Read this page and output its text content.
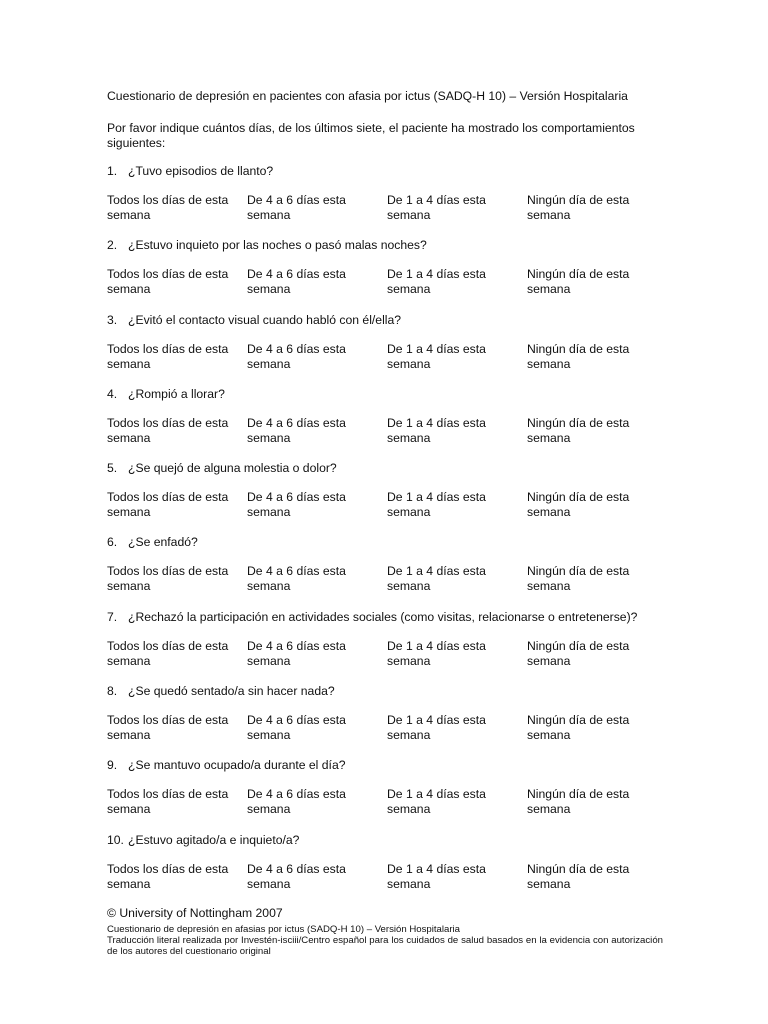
Cuestionario de depresión en pacientes con afasia por ictus (SADQ-H 10) – Versión Hospitalaria

Por favor indique cuántos días, de los últimos siete, el paciente ha mostrado los comportamientos siguientes:

1. ¿Tuvo episodios de llanto?
Todos los días de esta semana
De 4 a 6 días esta semana
De 1 a 4 días esta semana
Ningún día de esta semana
2. ¿Estuvo inquieto por las noches o pasó malas noches?
Todos los días de esta semana
De 4 a 6 días esta semana
De 1 a 4 días esta semana
Ningún día de esta semana
3. ¿Evitó el contacto visual cuando habló con él/ella?
Todos los días de esta semana
De 4 a 6 días esta semana
De 1 a 4 días esta semana
Ningún día de esta semana
4. ¿Rompió a llorar?
Todos los días de esta semana
De 4 a 6 días esta semana
De 1 a 4 días esta semana
Ningún día de esta semana
5. ¿Se quejó de alguna molestia o dolor?
Todos los días de esta semana
De 4 a 6 días esta semana
De 1 a 4 días esta semana
Ningún día de esta semana
6. ¿Se enfadó?
Todos los días de esta semana
De 4 a 6 días esta semana
De 1 a 4 días esta semana
Ningún día de esta semana
7. ¿Rechazó la participación en actividades sociales (como visitas, relacionarse o entretenerse)?
Todos los días de esta semana
De 4 a 6 días esta semana
De 1 a 4 días esta semana
Ningún día de esta semana
8. ¿Se quedó sentado/a sin hacer nada?
Todos los días de esta semana
De 4 a 6 días esta semana
De 1 a 4 días esta semana
Ningún día de esta semana
9. ¿Se mantuvo ocupado/a durante el día?
Todos los días de esta semana
De 4 a 6 días esta semana
De 1 a 4 días esta semana
Ningún día de esta semana
10. ¿Estuvo agitado/a e inquieto/a?
Todos los días de esta semana
De 4 a 6 días esta semana
De 1 a 4 días esta semana
Ningún día de esta semana

© University of Nottingham 2007

Cuestionario de depresión en afasias por ictus (SADQ-H 10) – Versión Hospitalaria

Traducción literal realizada por Investén-isciii/Centro español para los cuidados de salud basados en la evidencia con autorización de los autores del cuestionario original
